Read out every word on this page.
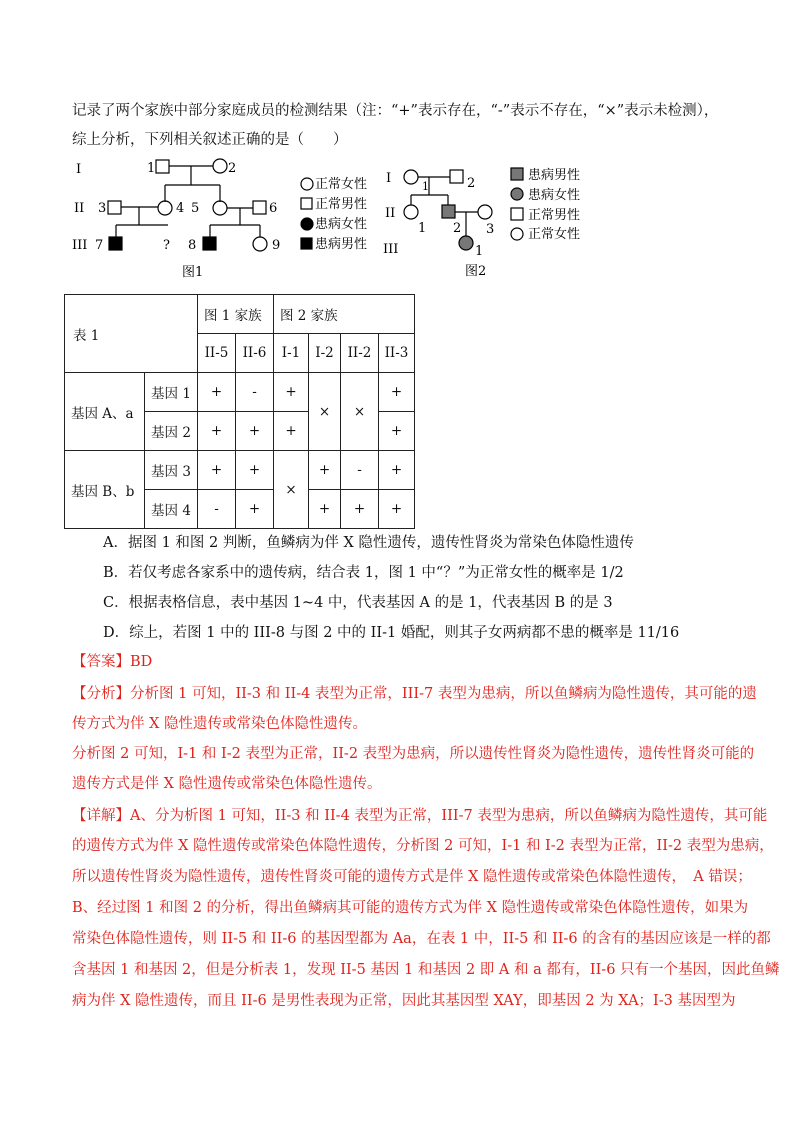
记录了两个家族中部分家庭成员的检测结果（注：“+”表示存在，“-”表示不存在，“×”表示未检测），
综上分析，下列相关叙述正确的是（　　）
I
II
III
1	2
3	4 5	6
7	? 8	9
正常女性
正常男性
患病女性
患病男性
图1
I
II
III
2
1
1 2 3
1
患病男性
患病女性
正常男性
正常女性
图2
表 1		图 1 家族		图 2 家族			
		II-5	II-6	I-1	I-2	II-2	II-3
基因 A、a	基因 1	+	-	+	×	×	+
	基因 2	+	+	+			+
基因 B、b	基因 3	+	+	×	+	-	+
	基因 4	-	+		+	+	+
A．据图 1 和图 2 判断，鱼鳞病为伴 X 隐性遗传，遗传性肾炎为常染色体隐性遗传
B．若仅考虑各家系中的遗传病，结合表 1，图 1 中“？”为正常女性的概率是 1/2
C．根据表格信息，表中基因 1~4 中，代表基因 A 的是 1，代表基因 B 的是 3
D．综上，若图 1 中的 III-8 与图 2 中的 II-1 婚配，则其子女两病都不患的概率是 11/16
【答案】BD
【分析】分析图 1 可知，II-3 和 II-4 表型为正常，III-7 表型为患病，所以鱼鳞病为隐性遗传，其可能的遗
传方式为伴 X 隐性遗传或常染色体隐性遗传。
分析图 2 可知，I-1 和 I-2 表型为正常，II-2 表型为患病，所以遗传性肾炎为隐性遗传，遗传性肾炎可能的
遗传方式是伴 X 隐性遗传或常染色体隐性遗传。
【详解】A、分为析图 1 可知，II-3 和 II-4 表型为正常，III-7 表型为患病，所以鱼鳞病为隐性遗传，其可能
的遗传方式为伴 X 隐性遗传或常染色体隐性遗传，分析图 2 可知，I-1 和 I-2 表型为正常，II-2 表型为患病，
所以遗传性肾炎为隐性遗传，遗传性肾炎可能的遗传方式是伴 X 隐性遗传或常染色体隐性遗传，　A 错误；
B、经过图 1 和图 2 的分析，得出鱼鳞病其可能的遗传方式为伴 X 隐性遗传或常染色体隐性遗传，如果为
常染色体隐性遗传，则 II-5 和 II-6 的基因型都为 Aa，在表 1 中，II-5 和 II-6 的含有的基因应该是一样的都
含基因 1 和基因 2，但是分析表 1，发现 II-5 基因 1 和基因 2 即 A 和 a 都有，II-6 只有一个基因，因此鱼鳞
病为伴 X 隐性遗传，而且 II-6 是男性表现为正常，因此其基因型 XAY，即基因 2 为 XA；I-3 基因型为
